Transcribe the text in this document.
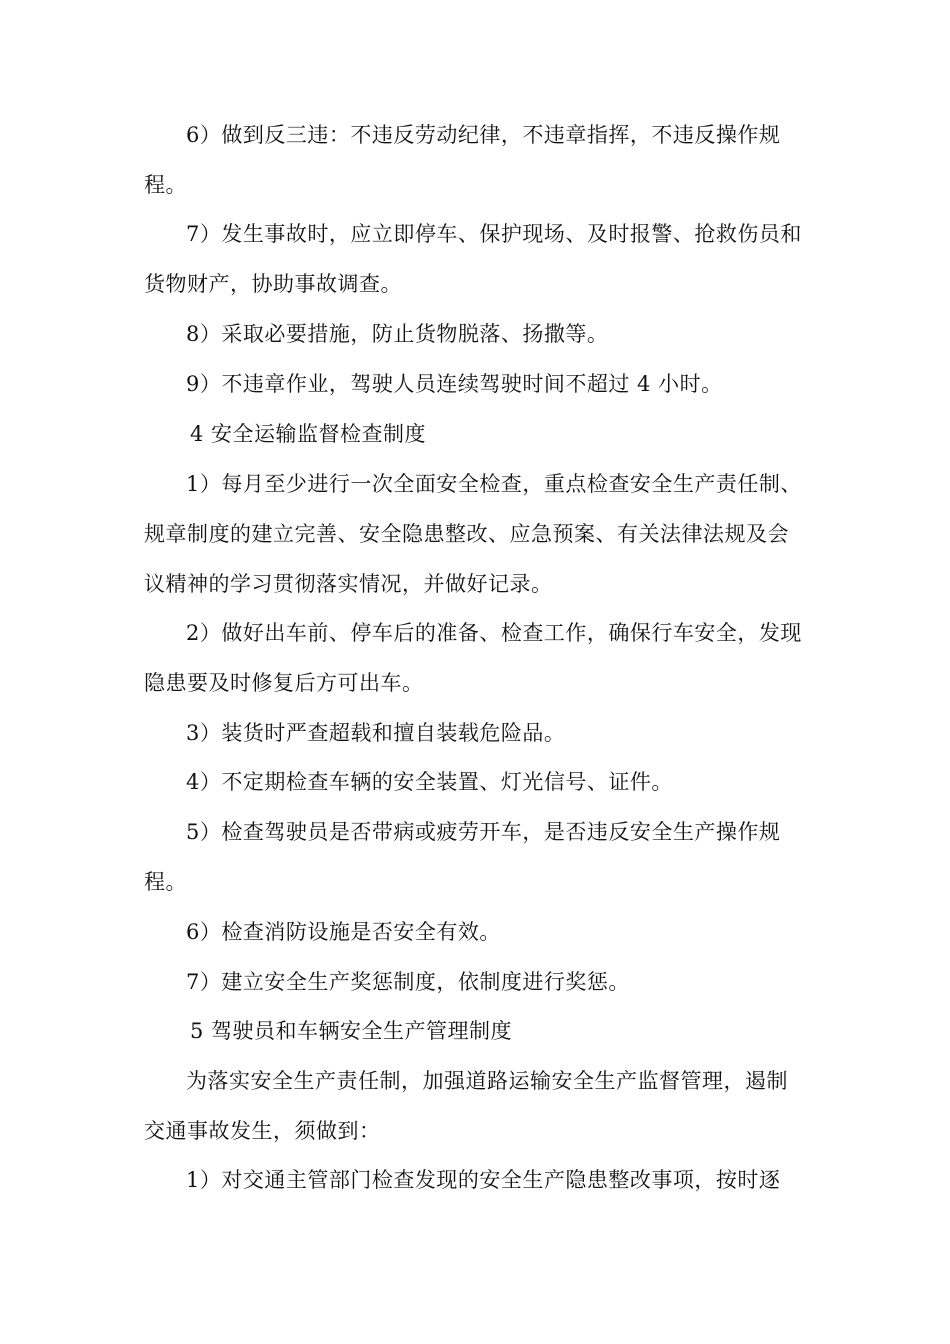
6）做到反三违：不违反劳动纪律，不违章指挥，不违反操作规程。

7）发生事故时，应立即停车、保护现场、及时报警、抢救伤员和货物财产，协助事故调查。

8）采取必要措施，防止货物脱落、扬撒等。

9）不违章作业，驾驶人员连续驾驶时间不超过 4 小时。

4 安全运输监督检查制度

1）每月至少进行一次全面安全检查，重点检查安全生产责任制、规章制度的建立完善、安全隐患整改、应急预案、有关法律法规及会议精神的学习贯彻落实情况，并做好记录。

2）做好出车前、停车后的准备、检查工作，确保行车安全，发现隐患要及时修复后方可出车。

3）装货时严查超载和擅自装载危险品。

4）不定期检查车辆的安全装置、灯光信号、证件。

5）检查驾驶员是否带病或疲劳开车，是否违反安全生产操作规程。

6）检查消防设施是否安全有效。

7）建立安全生产奖惩制度，依制度进行奖惩。

5 驾驶员和车辆安全生产管理制度

为落实安全生产责任制，加强道路运输安全生产监督管理，遏制交通事故发生，须做到：

1）对交通主管部门检查发现的安全生产隐患整改事项，按时逐
